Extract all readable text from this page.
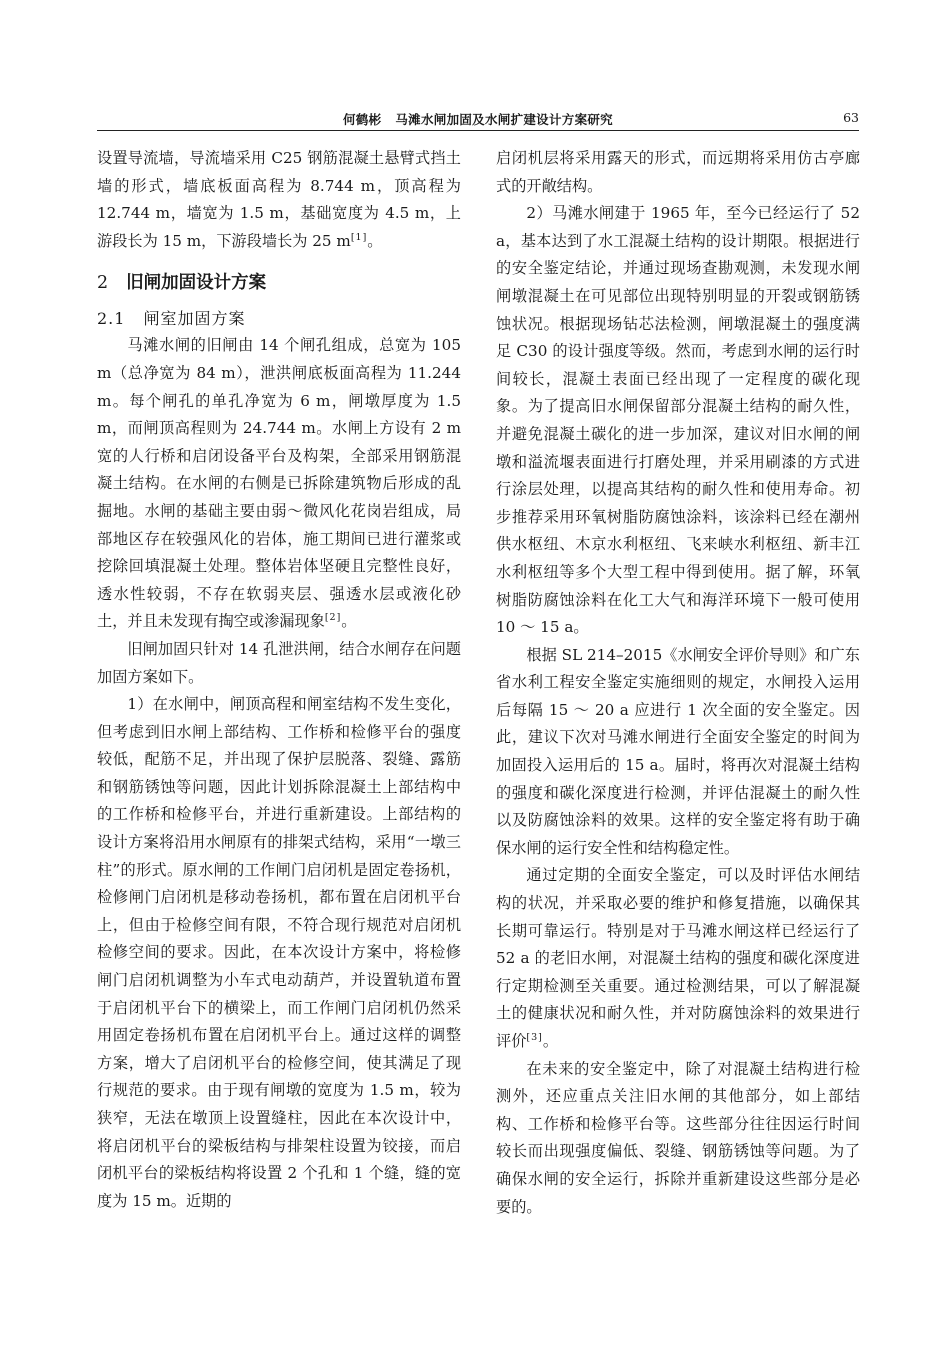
何鹤彬 马滩水闸加固及水闸扩建设计方案研究	63

设置导流墙，导流墙采用 C25 钢筋混凝土悬臂式挡土墙的形式，墙底板面高程为 8.744 m，顶高程为 12.744 m，墙宽为 1.5 m，基础宽度为 4.5 m，上游段长为 15 m，下游段墙长为 25 m[1]。

2 旧闸加固设计方案
2.1 闸室加固方案

马滩水闸的旧闸由 14 个闸孔组成，总宽为 105 m（总净宽为 84 m），泄洪闸底板面高程为 11.244 m。每个闸孔的单孔净宽为 6 m，闸墩厚度为 1.5 m，而闸顶高程则为 24.744 m。水闸上方设有 2 m 宽的人行桥和启闭设备平台及构架，全部采用钢筋混凝土结构。在水闸的右侧是已拆除建筑物后形成的乱掘地。水闸的基础主要由弱～微风化花岗岩组成，局部地区存在较强风化的岩体，施工期间已进行灌浆或挖除回填混凝土处理。整体岩体坚硬且完整性良好，透水性较弱，不存在软弱夹层、强透水层或液化砂土，并且未发现有掏空或渗漏现象[2]。

旧闸加固只针对 14 孔泄洪闸，结合水闸存在问题加固方案如下。

1）在水闸中，闸顶高程和闸室结构不发生变化，但考虑到旧水闸上部结构、工作桥和检修平台的强度较低，配筋不足，并出现了保护层脱落、裂缝、露筋和钢筋锈蚀等问题，因此计划拆除混凝土上部结构中的工作桥和检修平台，并进行重新建设。上部结构的设计方案将沿用水闸原有的排架式结构，采用“一墩三柱”的形式。原水闸的工作闸门启闭机是固定卷扬机，检修闸门启闭机是移动卷扬机，都布置在启闭机平台上，但由于检修空间有限，不符合现行规范对启闭机检修空间的要求。因此，在本次设计方案中，将检修闸门启闭机调整为小车式电动葫芦，并设置轨道布置于启闭机平台下的横梁上，而工作闸门启闭机仍然采用固定卷扬机布置在启闭机平台上。通过这样的调整方案，增大了启闭机平台的检修空间，使其满足了现行规范的要求。由于现有闸墩的宽度为 1.5 m，较为狭窄，无法在墩顶上设置缝柱，因此在本次设计中，将启闭机平台的梁板结构与排架柱设置为铰接，而启闭机平台的梁板结构将设置 2 个孔和 1 个缝，缝的宽度为 15 m。近期的

启闭机层将采用露天的形式，而远期将采用仿古亭廊式的开敞结构。

2）马滩水闸建于 1965 年，至今已经运行了 52 a，基本达到了水工混凝土结构的设计期限。根据进行的安全鉴定结论，并通过现场查勘观测，未发现水闸闸墩混凝土在可见部位出现特别明显的开裂或钢筋锈蚀状况。根据现场钻芯法检测，闸墩混凝土的强度满足 C30 的设计强度等级。然而，考虑到水闸的运行时间较长，混凝土表面已经出现了一定程度的碳化现象。为了提高旧水闸保留部分混凝土结构的耐久性，并避免混凝土碳化的进一步加深，建议对旧水闸的闸墩和溢流堰表面进行打磨处理，并采用刷漆的方式进行涂层处理，以提高其结构的耐久性和使用寿命。初步推荐采用环氧树脂防腐蚀涂料，该涂料已经在潮州供水枢纽、木京水利枢纽、飞来峡水利枢纽、新丰江水利枢纽等多个大型工程中得到使用。据了解，环氧树脂防腐蚀涂料在化工大气和海洋环境下一般可使用 10 ～ 15 a。

根据 SL 214–2015《水闸安全评价导则》和广东省水利工程安全鉴定实施细则的规定，水闸投入运用后每隔 15 ～ 20 a 应进行 1 次全面的安全鉴定。因此，建议下次对马滩水闸进行全面安全鉴定的时间为加固投入运用后的 15 a。届时，将再次对混凝土结构的强度和碳化深度进行检测，并评估混凝土的耐久性以及防腐蚀涂料的效果。这样的安全鉴定将有助于确保水闸的运行安全性和结构稳定性。

通过定期的全面安全鉴定，可以及时评估水闸结构的状况，并采取必要的维护和修复措施，以确保其长期可靠运行。特别是对于马滩水闸这样已经运行了 52 a 的老旧水闸，对混凝土结构的强度和碳化深度进行定期检测至关重要。通过检测结果，可以了解混凝土的健康状况和耐久性，并对防腐蚀涂料的效果进行评价[3]。

在未来的安全鉴定中，除了对混凝土结构进行检测外，还应重点关注旧水闸的其他部分，如上部结构、工作桥和检修平台等。这些部分往往因运行时间较长而出现强度偏低、裂缝、钢筋锈蚀等问题。为了确保水闸的安全运行，拆除并重新建设这些部分是必要的。
